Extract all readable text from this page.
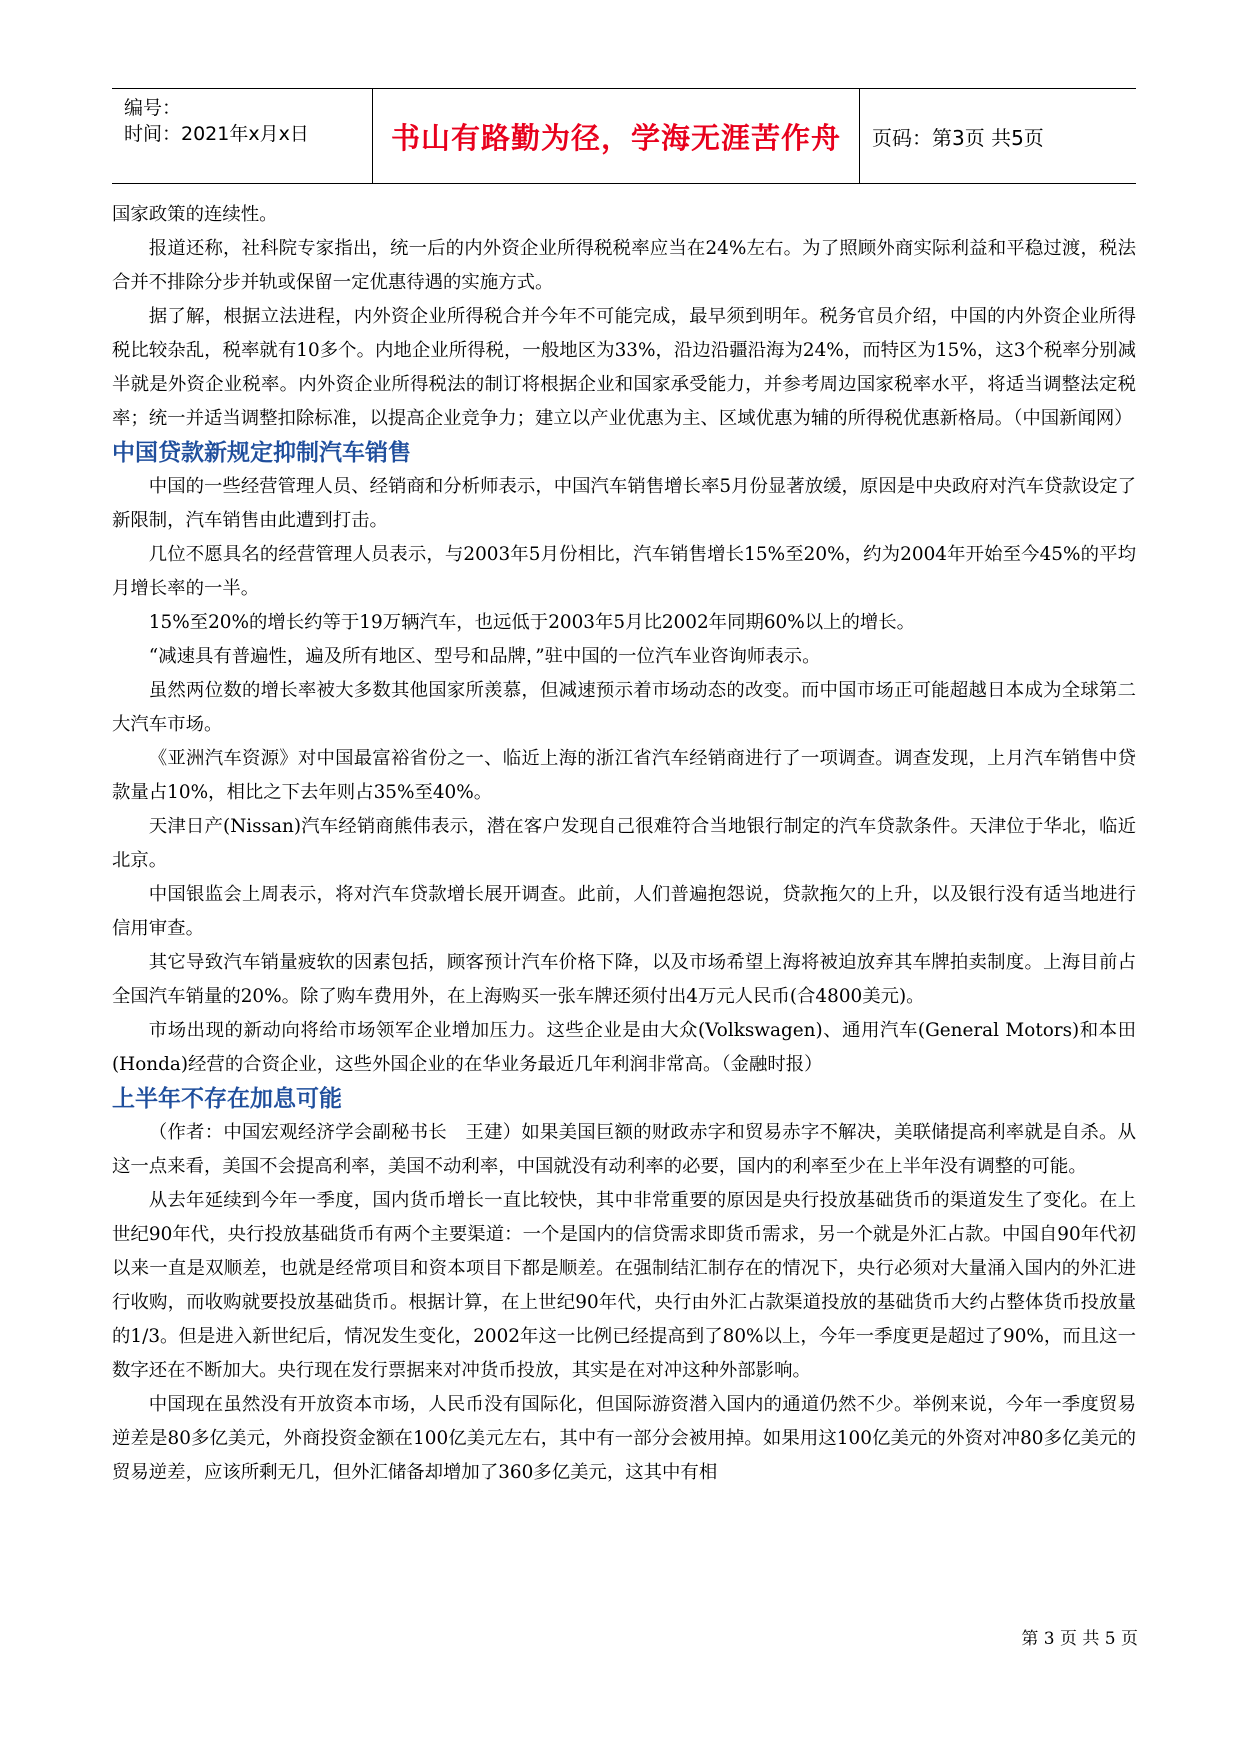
编号：
时间：2021年x月x日	书山有路勤为径，学海无涯苦作舟 页码：第3页 共5页

国家政策的连续性。

报道还称，社科院专家指出，统一后的内外资企业所得税税率应当在24%左右。为了照顾外商实际利益和平稳过渡，税法合并不排除分步并轨或保留一定优惠待遇的实施方式。

据了解，根据立法进程，内外资企业所得税合并今年不可能完成，最早须到明年。税务官员介绍，中国的内外资企业所得税比较杂乱，税率就有10多个。内地企业所得税，一般地区为33%，沿边沿疆沿海为24%，而特区为15%，这3个税率分别减半就是外资企业税率。内外资企业所得税法的制订将根据企业和国家承受能力，并参考周边国家税率水平，将适当调整法定税率；统一并适当调整扣除标准，以提高企业竞争力；建立以产业优惠为主、区域优惠为辅的所得税优惠新格局。（中国新闻网）

中国贷款新规定抑制汽车销售

中国的一些经营管理人员、经销商和分析师表示，中国汽车销售增长率5月份显著放缓，原因是中央政府对汽车贷款设定了新限制，汽车销售由此遭到打击。

几位不愿具名的经营管理人员表示，与2003年5月份相比，汽车销售增长15%至20%，约为2004年开始至今45%的平均月增长率的一半。

15%至20%的增长约等于19万辆汽车，也远低于2003年5月比2002年同期60%以上的增长。

“减速具有普遍性，遍及所有地区、型号和品牌，”驻中国的一位汽车业咨询师表示。

虽然两位数的增长率被大多数其他国家所羡慕，但减速预示着市场动态的改变。而中国市场正可能超越日本成为全球第二大汽车市场。

《亚洲汽车资源》对中国最富裕省份之一、临近上海的浙江省汽车经销商进行了一项调查。调查发现，上月汽车销售中贷款量占10%，相比之下去年则占35%至40%。

天津日产(Nissan)汽车经销商熊伟表示，潜在客户发现自己很难符合当地银行制定的汽车贷款条件。天津位于华北，临近北京。

中国银监会上周表示，将对汽车贷款增长展开调查。此前，人们普遍抱怨说，贷款拖欠的上升，以及银行没有适当地进行信用审查。

其它导致汽车销量疲软的因素包括，顾客预计汽车价格下降，以及市场希望上海将被迫放弃其车牌拍卖制度。上海目前占全国汽车销量的20%。除了购车费用外，在上海购买一张车牌还须付出4万元人民币(合4800美元)。

市场出现的新动向将给市场领军企业增加压力。这些企业是由大众(Volkswagen)、通用汽车(General Motors)和本田(Honda)经营的合资企业，这些外国企业的在华业务最近几年利润非常高。（金融时报）

上半年不存在加息可能

（作者：中国宏观经济学会副秘书长　王建）如果美国巨额的财政赤字和贸易赤字不解决，美联储提高利率就是自杀。从这一点来看，美国不会提高利率，美国不动利率，中国就没有动利率的必要，国内的利率至少在上半年没有调整的可能。

从去年延续到今年一季度，国内货币增长一直比较快，其中非常重要的原因是央行投放基础货币的渠道发生了变化。在上世纪90年代，央行投放基础货币有两个主要渠道：一个是国内的信贷需求即货币需求，另一个就是外汇占款。中国自90年代初以来一直是双顺差，也就是经常项目和资本项目下都是顺差。在强制结汇制存在的情况下，央行必须对大量涌入国内的外汇进行收购，而收购就要投放基础货币。根据计算，在上世纪90年代，央行由外汇占款渠道投放的基础货币大约占整体货币投放量的1/3。但是进入新世纪后，情况发生变化，2002年这一比例已经提高到了80%以上，今年一季度更是超过了90%，而且这一数字还在不断加大。央行现在发行票据来对冲货币投放，其实是在对冲这种外部影响。

中国现在虽然没有开放资本市场，人民币没有国际化，但国际游资潜入国内的通道仍然不少。举例来说，今年一季度贸易逆差是80多亿美元，外商投资金额在100亿美元左右，其中有一部分会被用掉。如果用这100亿美元的外资对冲80多亿美元的贸易逆差，应该所剩无几，但外汇储备却增加了360多亿美元，这其中有相

第 3 页 共 5 页
